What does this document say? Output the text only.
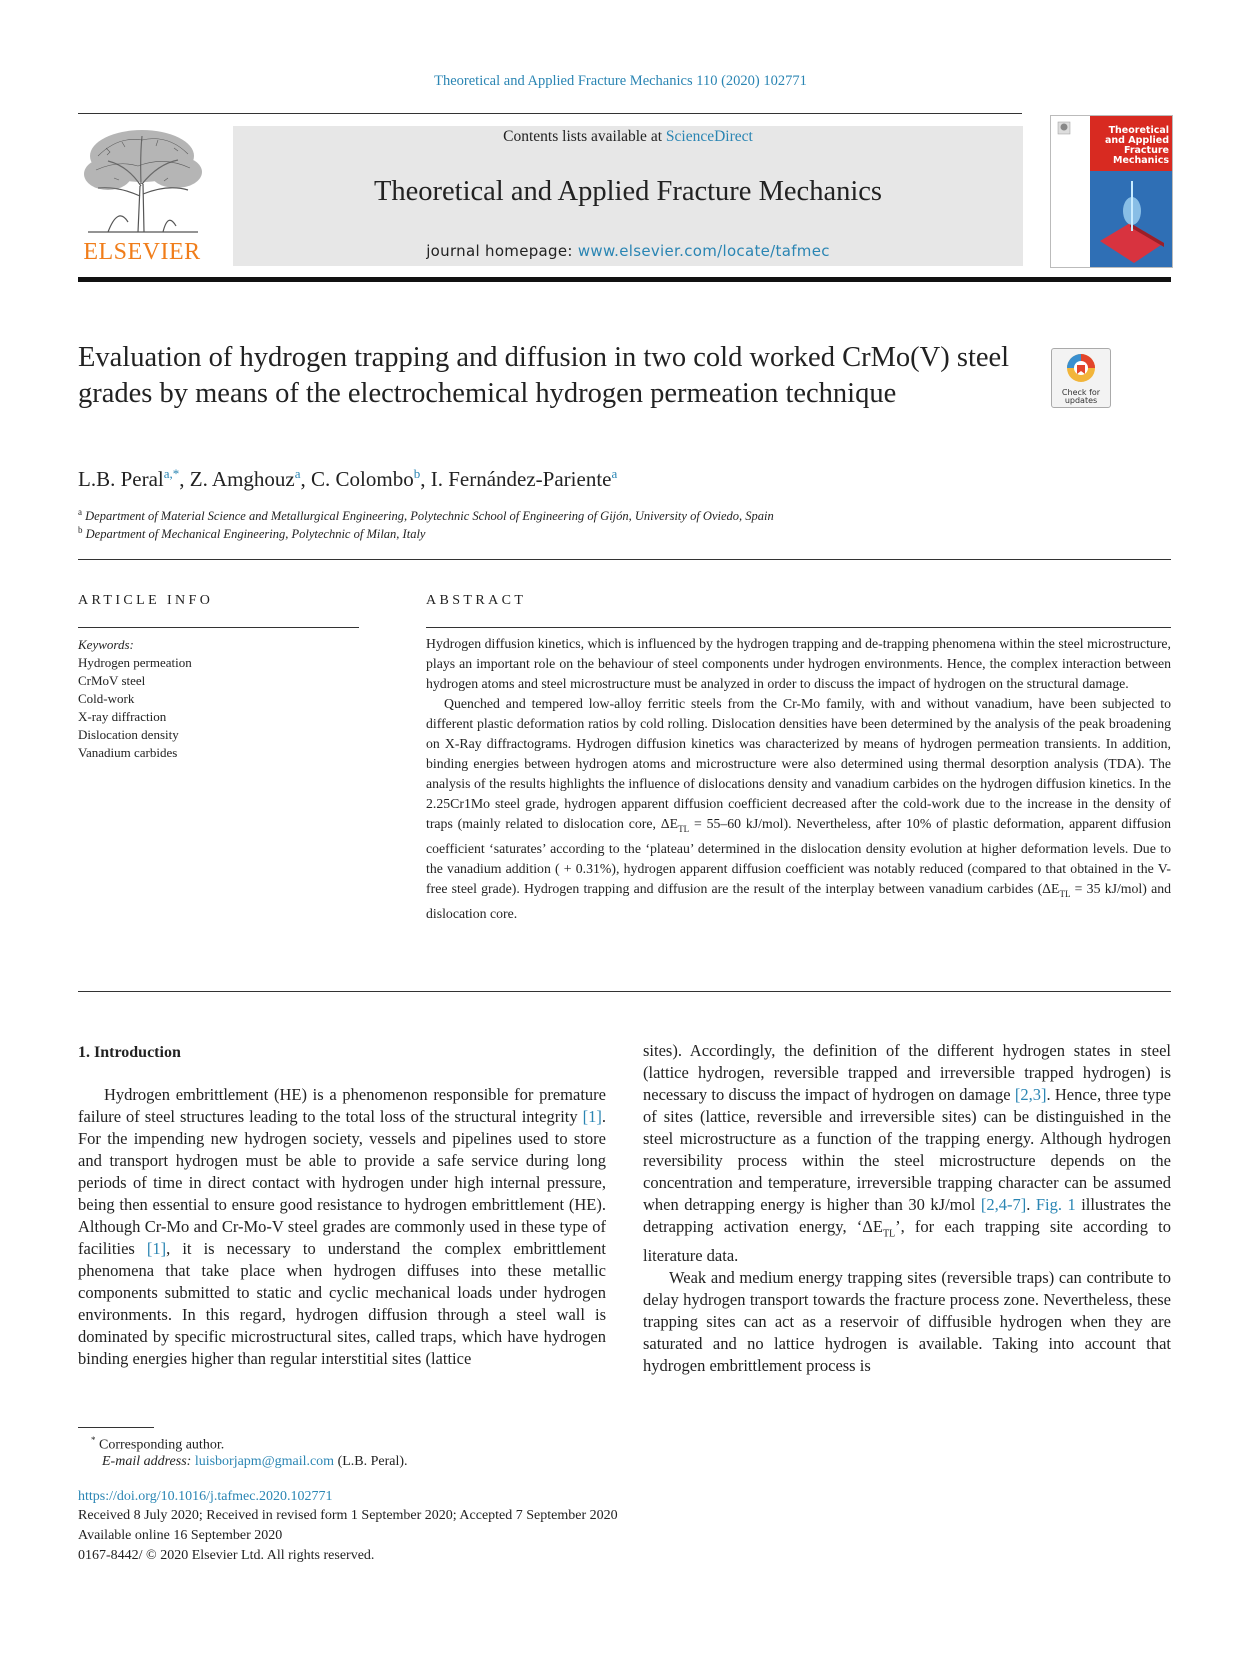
Theoretical and Applied Fracture Mechanics 110 (2020) 102771
ELSEVIER
Contents lists available at ScienceDirect
Theoretical and Applied Fracture Mechanics
journal homepage: www.elsevier.com/locate/tafmec
Theoretical and Applied Fracture Mechanics
Evaluation of hydrogen trapping and diffusion in two cold worked CrMo(V) steel grades by means of the electrochemical hydrogen permeation technique	Check for updates
L.B. Peral$^{a,*}$, Z. Amghouz$^a$, C. Colombo$^b$, I. Fernández-Pariente$^a$
$^a$ Department of Material Science and Metallurgical Engineering, Polytechnic School of Engineering of Gijón, University of Oviedo, Spain
$^b$ Department of Mechanical Engineering, Polytechnic of Milan, Italy
ARTICLE INFO
Keywords:
Hydrogen permeation
CrMoV steel
Cold-work
X-ray diffraction
Dislocation density
Vanadium carbides
ABSTRACT

Hydrogen diffusion kinetics, which is influenced by the hydrogen trapping and de-trapping phenomena within the steel microstructure, plays an important role on the behaviour of steel components under hydrogen environments. Hence, the complex interaction between hydrogen atoms and steel microstructure must be analyzed in order to discuss the impact of hydrogen on the structural damage.

Quenched and tempered low-alloy ferritic steels from the Cr-Mo family, with and without vanadium, have been subjected to different plastic deformation ratios by cold rolling. Dislocation densities have been determined by the analysis of the peak broadening on X-Ray diffractograms. Hydrogen diffusion kinetics was characterized by means of hydrogen permeation transients. In addition, binding energies between hydrogen atoms and microstructure were also determined using thermal desorption analysis (TDA). The analysis of the results highlights the influence of dislocations density and vanadium carbides on the hydrogen diffusion kinetics. In the 2.25Cr1Mo steel grade, hydrogen apparent diffusion coefficient decreased after the cold-work due to the increase in the density of traps (mainly related to dislocation core, $\Delta E_{TL} = 55-60$ kJ/mol). Nevertheless, after 10% of plastic deformation, apparent diffusion coefficient ‘saturates’ according to the ‘plateau’ determined in the dislocation density evolution at higher deformation levels. Due to the vanadium addition ( + 0.31%), hydrogen apparent diffusion coefficient was notably reduced (compared to that obtained in the V-free steel grade). Hydrogen trapping and diffusion are the result of the interplay between vanadium carbides ($\Delta E_{TL} = 35$ kJ/mol) and dislocation core.

1. Introduction

Hydrogen embrittlement (HE) is a phenomenon responsible for premature failure of steel structures leading to the total loss of the structural integrity [1]. For the impending new hydrogen society, vessels and pipelines used to store and transport hydrogen must be able to provide a safe service during long periods of time in direct contact with hydrogen under high internal pressure, being then essential to ensure good resistance to hydrogen embrittlement (HE). Although Cr-Mo and Cr-Mo-V steel grades are commonly used in these type of facilities [1], it is necessary to understand the complex embrittlement phenomena that take place when hydrogen diffuses into these metallic components submitted to static and cyclic mechanical loads under hydrogen environments. In this regard, hydrogen diffusion through a steel wall is dominated by specific microstructural sites, called traps, which have hydrogen binding energies higher than regular interstitial sites (lattice

sites). Accordingly, the definition of the different hydrogen states in steel (lattice hydrogen, reversible trapped and irreversible trapped hydrogen) is necessary to discuss the impact of hydrogen on damage [2,3]. Hence, three type of sites (lattice, reversible and irreversible sites) can be distinguished in the steel microstructure as a function of the trapping energy. Although hydrogen reversibility process within the steel microstructure depends on the concentration and temperature, irreversible trapping character can be assumed when detrapping energy is higher than 30 kJ/mol [2,4-7]. Fig. 1 illustrates the detrapping activation energy, ‘$\Delta E_{TL}$’, for each trapping site according to literature data.

Weak and medium energy trapping sites (reversible traps) can contribute to delay hydrogen transport towards the fracture process zone. Nevertheless, these trapping sites can act as a reservoir of diffusible hydrogen when they are saturated and no lattice hydrogen is available. Taking into account that hydrogen embrittlement process is

* Corresponding author.
E-mail address: luisborjapm@gmail.com (L.B. Peral).
https://doi.org/10.1016/j.tafmec.2020.102771
Received 8 July 2020; Received in revised form 1 September 2020; Accepted 7 September 2020
Available online 16 September 2020
0167-8442/ © 2020 Elsevier Ltd. All rights reserved.
